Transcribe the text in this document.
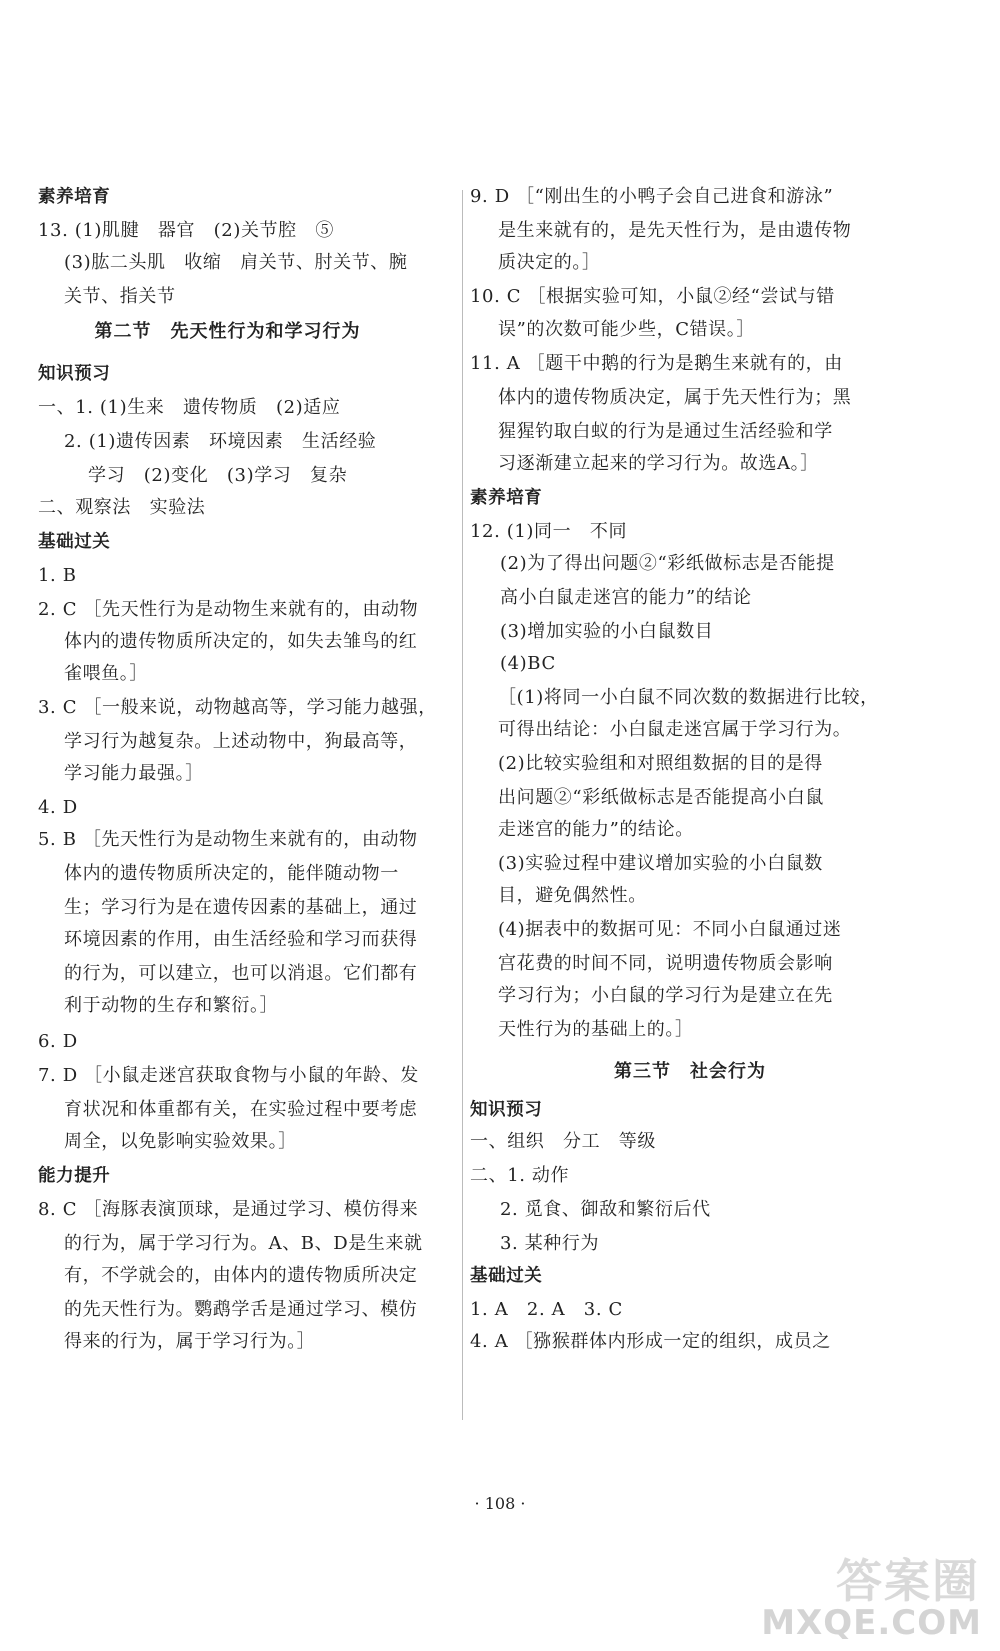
素养培育
13. (1)肌腱　器官　(2)关节腔　⑤
(3)肱二头肌　收缩　肩关节、肘关节、腕
关节、指关节
第二节　先天性行为和学习行为
知识预习
一、1. (1)生来　遗传物质　(2)适应
2. (1)遗传因素　环境因素　生活经验
学习　(2)变化　(3)学习　复杂
二、观察法　实验法
基础过关
1. B
2. C ［先天性行为是动物生来就有的，由动物
体内的遗传物质所决定的，如失去雏鸟的红
雀喂鱼。］
3. C ［一般来说，动物越高等，学习能力越强，
学习行为越复杂。上述动物中，狗最高等，
学习能力最强。］
4. D
5. B ［先天性行为是动物生来就有的，由动物
体内的遗传物质所决定的，能伴随动物一
生；学习行为是在遗传因素的基础上，通过
环境因素的作用，由生活经验和学习而获得
的行为，可以建立，也可以消退。它们都有
利于动物的生存和繁衍。］
6. D
7. D ［小鼠走迷宫获取食物与小鼠的年龄、发
育状况和体重都有关，在实验过程中要考虑
周全，以免影响实验效果。］
能力提升
8. C ［海豚表演顶球，是通过学习、模仿得来
的行为，属于学习行为。A、B、D是生来就
有，不学就会的，由体内的遗传物质所决定
的先天性行为。鹦鹉学舌是通过学习、模仿
得来的行为，属于学习行为。］
9. D ［“刚出生的小鸭子会自己进食和游泳”
是生来就有的，是先天性行为，是由遗传物
质决定的。］
10. C ［根据实验可知，小鼠②经“尝试与错
误”的次数可能少些，C错误。］
11. A ［题干中鹅的行为是鹅生来就有的，由
体内的遗传物质决定，属于先天性行为；黑
猩猩钓取白蚁的行为是通过生活经验和学
习逐渐建立起来的学习行为。故选A。］
素养培育
12. (1)同一　不同
(2)为了得出问题②“彩纸做标志是否能提
高小白鼠走迷宫的能力”的结论
(3)增加实验的小白鼠数目
(4)BC
［(1)将同一小白鼠不同次数的数据进行比较，
可得出结论：小白鼠走迷宫属于学习行为。
(2)比较实验组和对照组数据的目的是得
出问题②“彩纸做标志是否能提高小白鼠
走迷宫的能力”的结论。
(3)实验过程中建议增加实验的小白鼠数
目，避免偶然性。
(4)据表中的数据可见：不同小白鼠通过迷
宫花费的时间不同，说明遗传物质会影响
学习行为；小白鼠的学习行为是建立在先
天性行为的基础上的。］
第三节　社会行为
知识预习
一、组织　分工　等级
二、1. 动作
2. 觅食、御敌和繁衍后代
3. 某种行为
基础过关
1. A　2. A　3. C
4. A ［猕猴群体内形成一定的组织，成员之
· 108 ·
答案圈
MXQE.COM
